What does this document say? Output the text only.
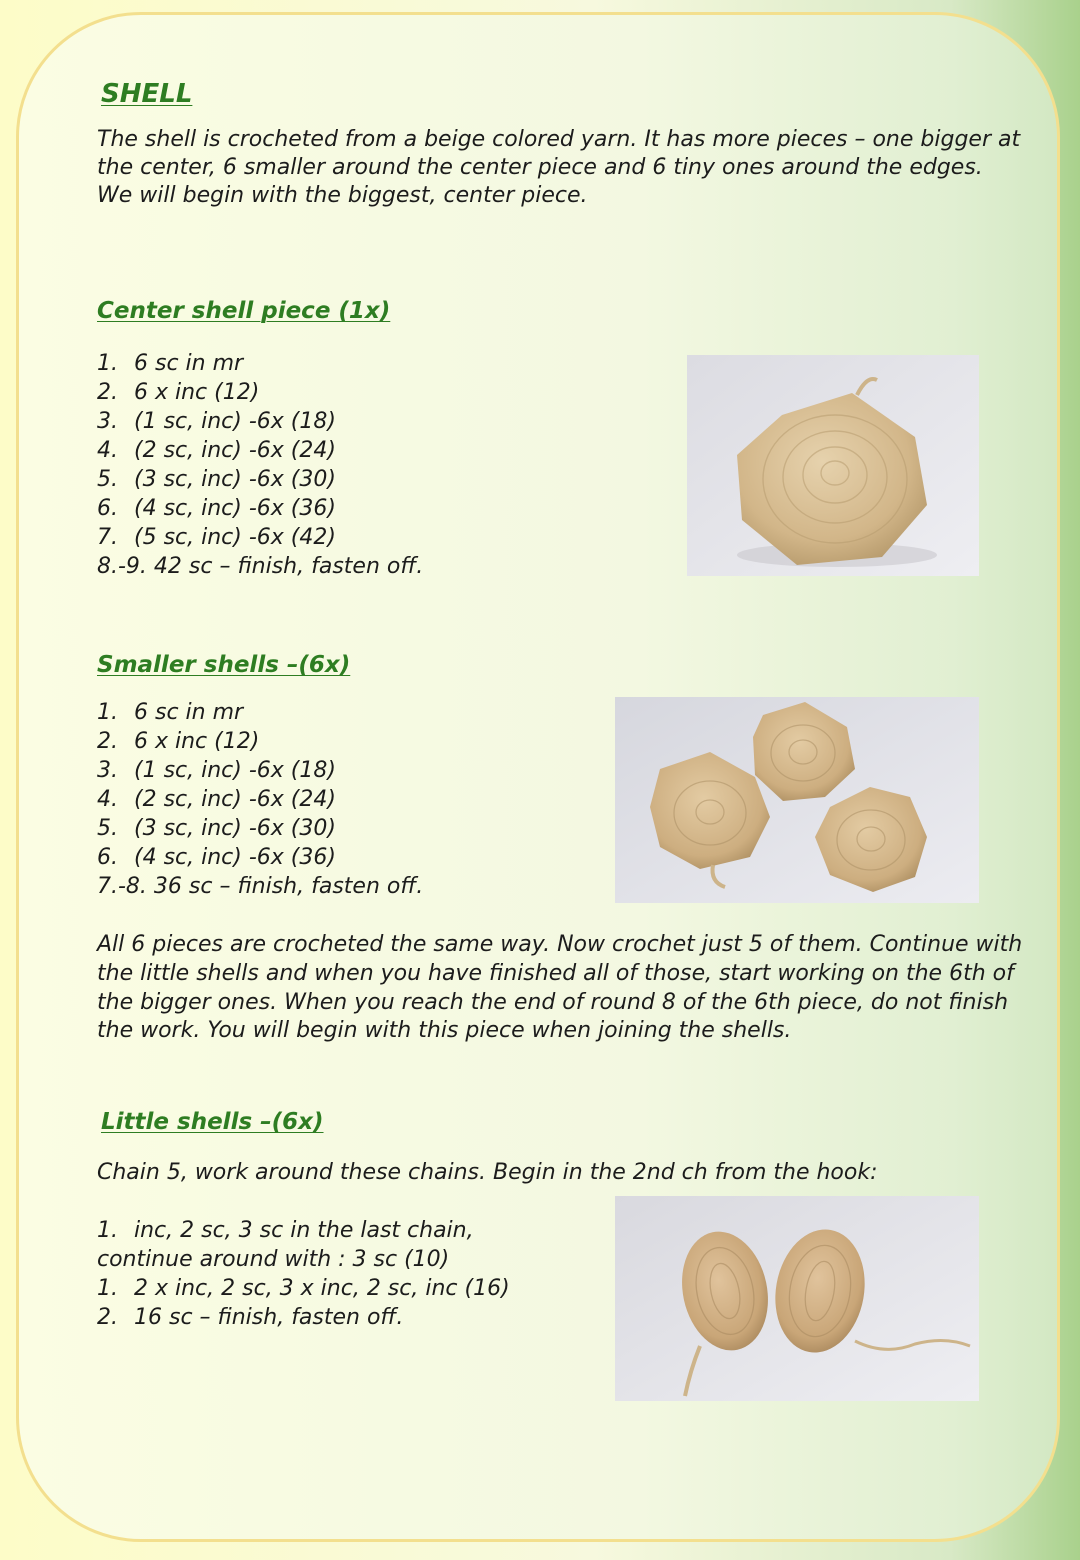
SHELL

The shell is crocheted from a beige colored yarn. It has more pieces – one bigger at

the center, 6 smaller around the center piece and 6 tiny ones around the edges.

We will begin with the biggest, center piece.

Center shell piece (1x)
1. 6 sc in mr
2. 6 x inc (12)
3. (1 sc, inc) -6x (18)
4. (2 sc, inc) -6x (24)
5. (3 sc, inc) -6x (30)
6. (4 sc, inc) -6x (36)
7. (5 sc, inc) -6x (42)

8.-9. 42 sc – finish, fasten off.

Smaller shells –(6x)
1. 6 sc in mr
2. 6 x inc (12)
3. (1 sc, inc) -6x (18)
4. (2 sc, inc) -6x (24)
5. (3 sc, inc) -6x (30)
6. (4 sc, inc) -6x (36)

7.-8. 36 sc – finish, fasten off.

All 6 pieces are crocheted the same way. Now crochet just 5 of them. Continue with

the little shells and when you have finished all of those, start working on the 6th of

the bigger ones. When you reach the end of round 8 of the 6th piece, do not finish

the work. You will begin with this piece when joining the shells.

Little shells –(6x)

Chain 5, work around these chains. Begin in the 2nd ch from the hook:

1. inc, 2 sc, 3 sc in the last chain,

continue around with : 3 sc (10)

1. 2 x inc, 2 sc, 3 x inc, 2 sc, inc (16)
2. 16 sc – finish, fasten off.
